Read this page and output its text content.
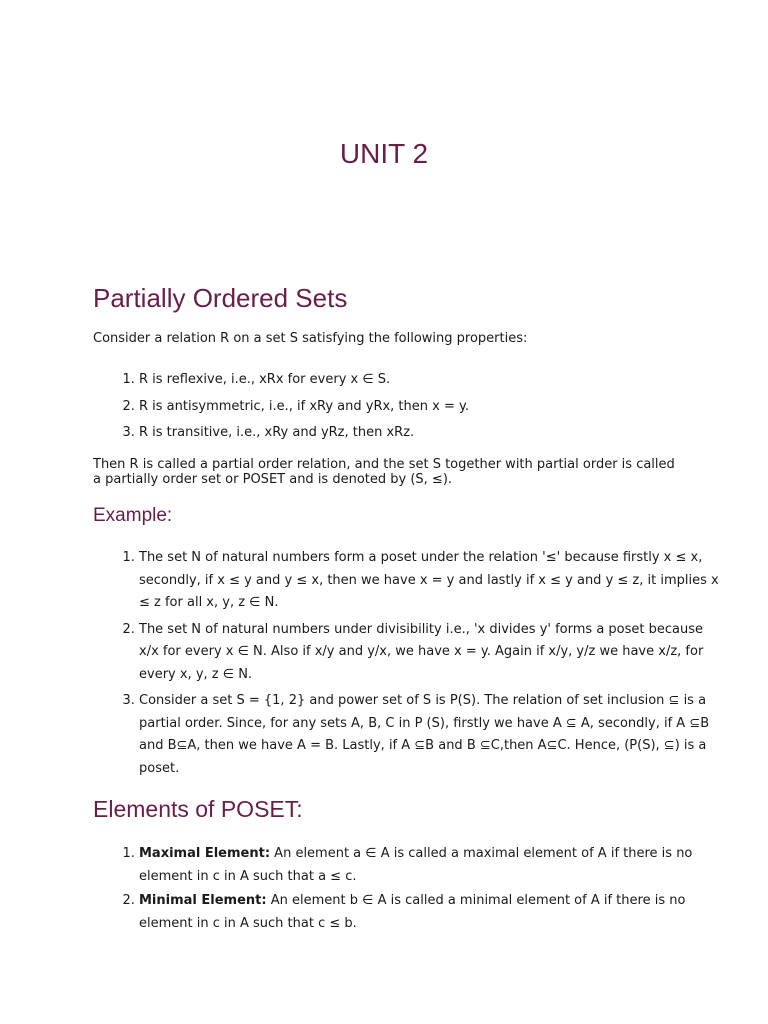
UNIT 2
Partially Ordered Sets

Consider a relation R on a set S satisfying the following properties:

1. R is reflexive, i.e., xRx for every x ∈ S.
2. R is antisymmetric, i.e., if xRy and yRx, then x = y.
3. R is transitive, i.e., xRy and yRz, then xRz.

Then R is called a partial order relation, and the set S together with partial order is called a partially order set or POSET and is denoted by (S, ≤).

Example:
1. The set N of natural numbers form a poset under the relation '≤' because firstly x ≤ x, secondly, if x ≤ y and y ≤ x, then we have x = y and lastly if x ≤ y and y ≤ z, it implies x ≤ z for all x, y, z ∈ N.
2. The set N of natural numbers under divisibility i.e., 'x divides y' forms a poset because x/x for every x ∈ N. Also if x/y and y/x, we have x = y. Again if x/y, y/z we have x/z, for every x, y, z ∈ N.
3. Consider a set S = {1, 2} and power set of S is P(S). The relation of set inclusion ⊆ is a partial order. Since, for any sets A, B, C in P (S), firstly we have A ⊆ A, secondly, if A ⊆B and B⊆A, then we have A = B. Lastly, if A ⊆B and B ⊆C,then A⊆C. Hence, (P(S), ⊆) is a poset.
Elements of POSET:
1. Maximal Element: An element a ∈ A is called a maximal element of A if there is no element in c in A such that a ≤ c.
2. Minimal Element: An element b ∈ A is called a minimal element of A if there is no element in c in A such that c ≤ b.
